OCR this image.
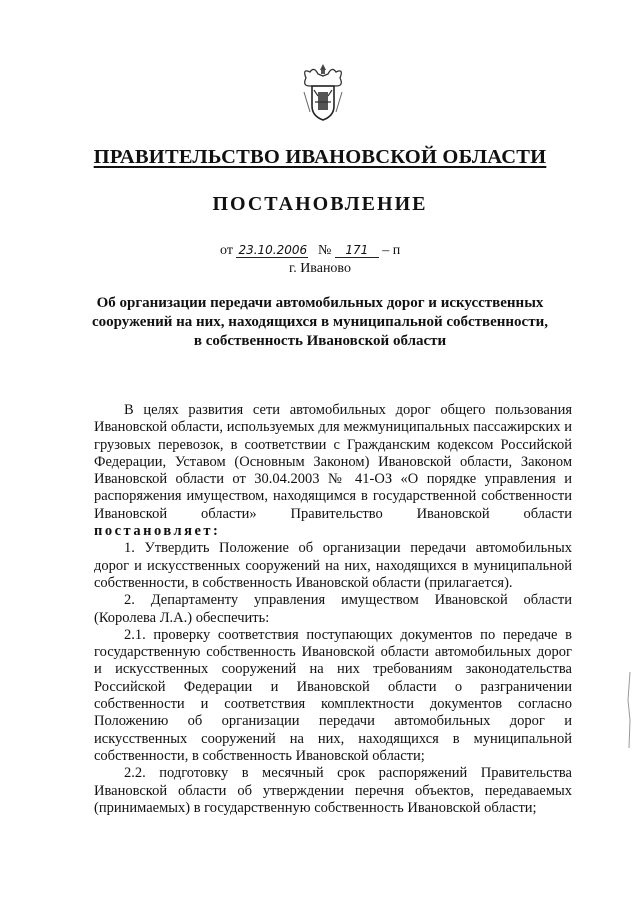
ПРАВИТЕЛЬСТВО ИВАНОВСКОЙ ОБЛАСТИ
ПОСТАНОВЛЕНИЕ
от 23.10.2006 № 171 – п
г. Иваново
Об организации передачи автомобильных дорог и искусственных сооружений на них, находящихся в муниципальной собственности, в собственность Ивановской области

В целях развития сети автомобильных дорог общего пользования Ивановской области, используемых для межмуниципальных пассажирских и грузовых перевозок, в соответствии с Гражданским кодексом Российской Федерации, Уставом (Основным Законом) Ивановской области, Законом Ивановской области от 30.04.2003 № 41-ОЗ «О порядке управления и распоряжения имуществом, находящимся в государственной собственности Ивановской области» Правительство Ивановской области постановляет:

1. Утвердить Положение об организации передачи автомобильных дорог и искусственных сооружений на них, находящихся в муниципальной собственности, в собственность Ивановской области (прилагается).

2. Департаменту управления имуществом Ивановской области (Королева Л.А.) обеспечить:

2.1. проверку соответствия поступающих документов по передаче в государственную собственность Ивановской области автомобильных дорог и искусственных сооружений на них требованиям законодательства Российской Федерации и Ивановской области о разграничении собственности и соответствия комплектности документов согласно Положению об организации передачи автомобильных дорог и искусственных сооружений на них, находящихся в муниципальной собственности, в собственность Ивановской области;

2.2. подготовку в месячный срок распоряжений Правительства Ивановской области об утверждении перечня объектов, передаваемых (принимаемых) в государственную собственность Ивановской области;
